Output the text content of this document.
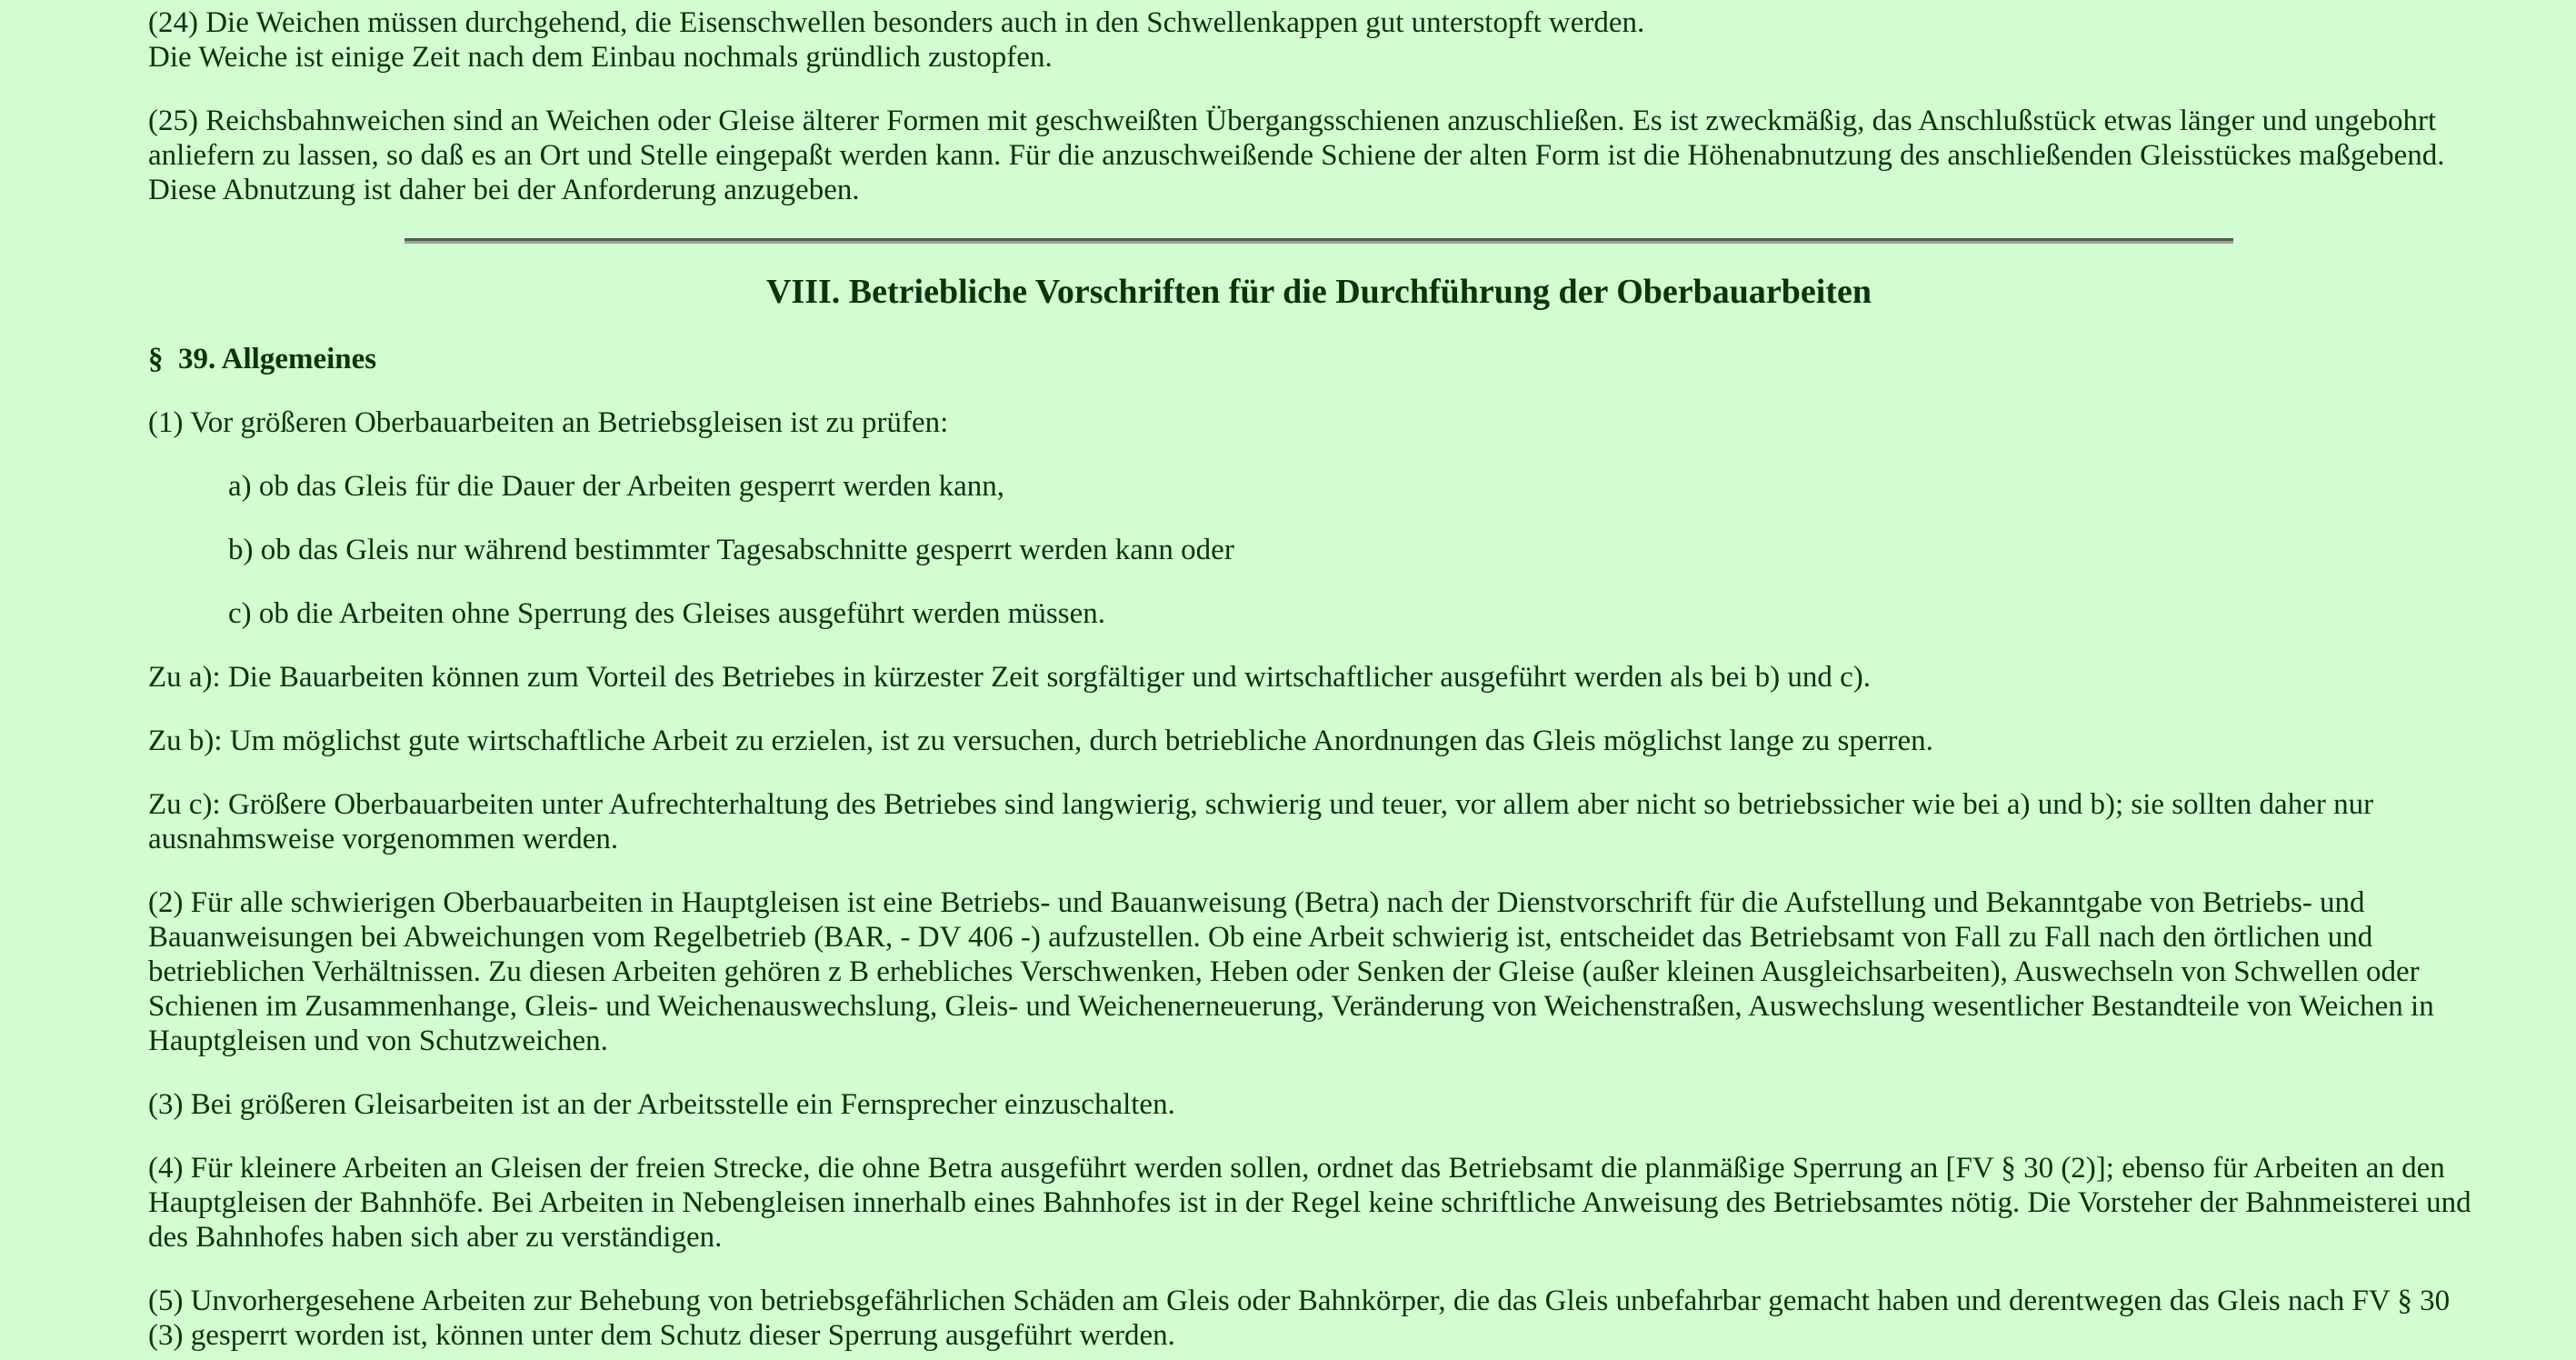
(24) Die Weichen müssen durchgehend, die Eisenschwellen besonders auch in den Schwellenkappen gut unterstopft werden.
Die Weiche ist einige Zeit nach dem Einbau nochmals gründlich zustopfen.

(25) Reichsbahnweichen sind an Weichen oder Gleise älterer Formen mit geschweißten Übergangsschienen anzuschließen. Es ist zweckmäßig, das Anschlußstück etwas länger und ungebohrt anliefern zu lassen, so daß es an Ort und Stelle eingepaßt werden kann. Für die anzuschweißende Schiene der alten Form ist die Höhenabnutzung des anschließenden Gleisstückes maßgebend. Diese Abnutzung ist daher bei der Anforderung anzugeben.

VIII. Betriebliche Vorschriften für die Durchführung der Oberbauarbeiten

§  39. Allgemeines

(1) Vor größeren Oberbauarbeiten an Betriebsgleisen ist zu prüfen:

a) ob das Gleis für die Dauer der Arbeiten gesperrt werden kann,

b) ob das Gleis nur während bestimmter Tagesabschnitte gesperrt werden kann oder

c) ob die Arbeiten ohne Sperrung des Gleises ausgeführt werden müssen.

Zu a): Die Bauarbeiten können zum Vorteil des Betriebes in kürzester Zeit sorgfältiger und wirtschaftlicher ausgeführt werden als bei b) und c).

Zu b): Um möglichst gute wirtschaftliche Arbeit zu erzielen, ist zu versuchen, durch betriebliche Anordnungen das Gleis möglichst lange zu sperren.

Zu c): Größere Oberbauarbeiten unter Aufrechterhaltung des Betriebes sind langwierig, schwierig und teuer, vor allem aber nicht so betriebssicher wie bei a) und b); sie sollten daher nur ausnahmsweise vorgenommen werden.

(2) Für alle schwierigen Oberbauarbeiten in Hauptgleisen ist eine Betriebs- und Bauanweisung (Betra) nach der Dienstvorschrift für die Aufstellung und Bekanntgabe von Betriebs- und Bauanweisungen bei Abweichungen vom Regelbetrieb (BAR, - DV 406 -) aufzustellen. Ob eine Arbeit schwierig ist, entscheidet das Betriebsamt von Fall zu Fall nach den örtlichen und betrieblichen Verhältnissen. Zu diesen Arbeiten gehören z B erhebliches Verschwenken, Heben oder Senken der Gleise (außer kleinen Ausgleichsarbeiten), Auswechseln von Schwellen oder Schienen im Zusammenhange, Gleis- und Weichenauswechslung, Gleis- und Weichenerneuerung, Veränderung von Weichenstraßen, Auswechslung wesentlicher Bestandteile von Weichen in Hauptgleisen und von Schutzweichen.

(3) Bei größeren Gleisarbeiten ist an der Arbeitsstelle ein Fernsprecher einzuschalten.

(4) Für kleinere Arbeiten an Gleisen der freien Strecke, die ohne Betra ausgeführt werden sollen, ordnet das Betriebsamt die planmäßige Sperrung an [FV § 30 (2)]; ebenso für Arbeiten an den Hauptgleisen der Bahnhöfe. Bei Arbeiten in Nebengleisen innerhalb eines Bahnhofes ist in der Regel keine schriftliche Anweisung des Betriebsamtes nötig. Die Vorsteher der Bahnmeisterei und des Bahnhofes haben sich aber zu verständigen.

(5) Unvorhergesehene Arbeiten zur Behebung von betriebsgefährlichen Schäden am Gleis oder Bahnkörper, die das Gleis unbefahrbar gemacht haben und derentwegen das Gleis nach FV § 30 (3) gesperrt worden ist, können unter dem Schutz dieser Sperrung ausgeführt werden.
